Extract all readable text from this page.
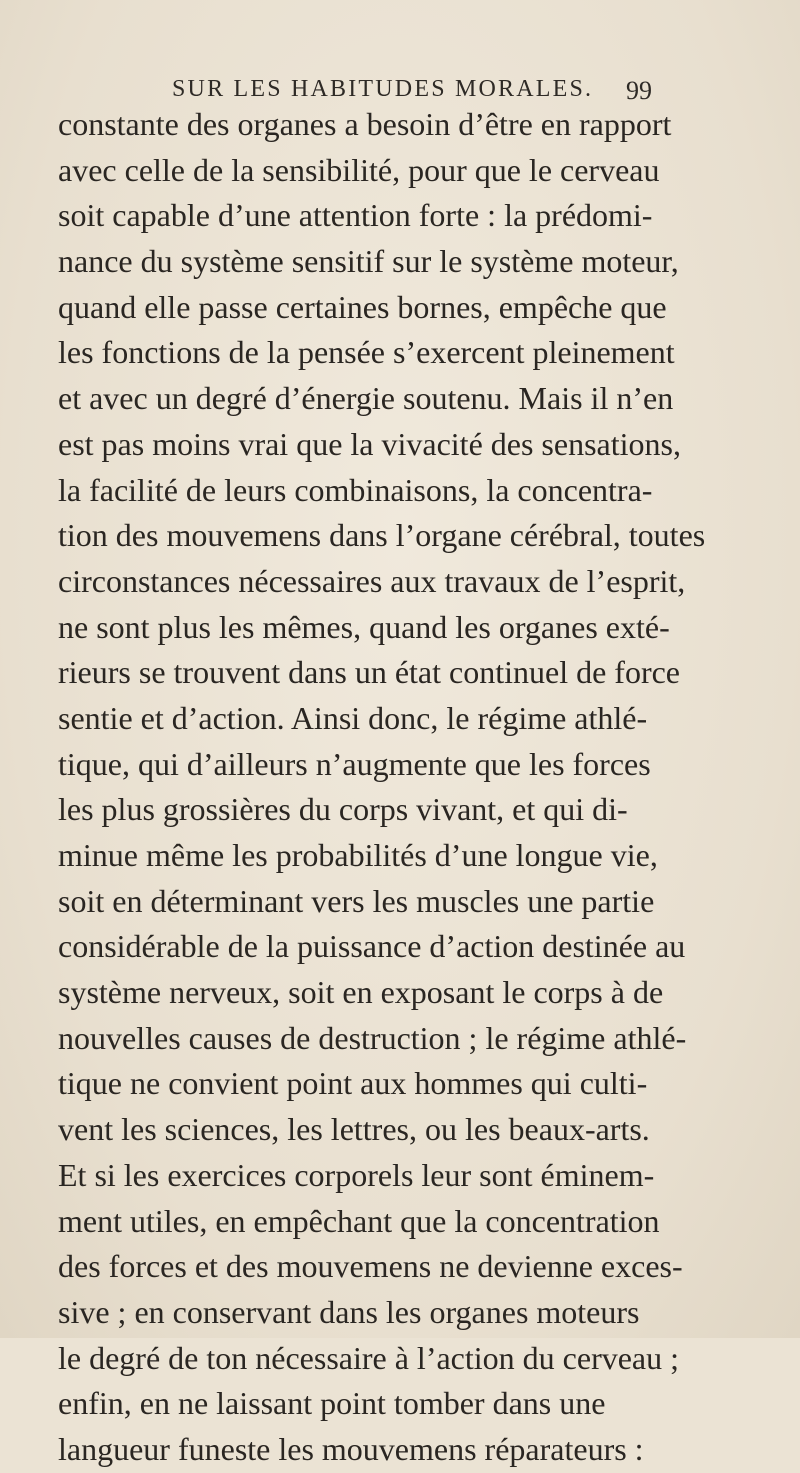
SUR LES HABITUDES MORALES.	99
constante des organes a besoin d’être en rapport
avec celle de la sensibilité, pour que le cerveau
soit capable d’une attention forte : la prédomi-
nance du système sensitif sur le système moteur,
quand elle passe certaines bornes, empêche que
les fonctions de la pensée s’exercent pleinement
et avec un degré d’énergie soutenu. Mais il n’en
est pas moins vrai que la vivacité des sensations,
la facilité de leurs combinaisons, la concentra-
tion des mouvemens dans l’organe cérébral, toutes
circonstances nécessaires aux travaux de l’esprit,
ne sont plus les mêmes, quand les organes exté-
rieurs se trouvent dans un état continuel de force
sentie et d’action. Ainsi donc, le régime athlé-
tique, qui d’ailleurs n’augmente que les forces
les plus grossières du corps vivant, et qui di-
minue même les probabilités d’une longue vie,
soit en déterminant vers les muscles une partie
considérable de la puissance d’action destinée au
système nerveux, soit en exposant le corps à de
nouvelles causes de destruction ; le régime athlé-
tique ne convient point aux hommes qui culti-
vent les sciences, les lettres, ou les beaux-arts.
Et si les exercices corporels leur sont éminem-
ment utiles, en empêchant que la concentration
des forces et des mouvemens ne devienne exces-
sive ; en conservant dans les organes moteurs
le degré de ton nécessaire à l’action du cerveau ;
enfin, en ne laissant point tomber dans une
langueur funeste les mouvemens réparateurs :
